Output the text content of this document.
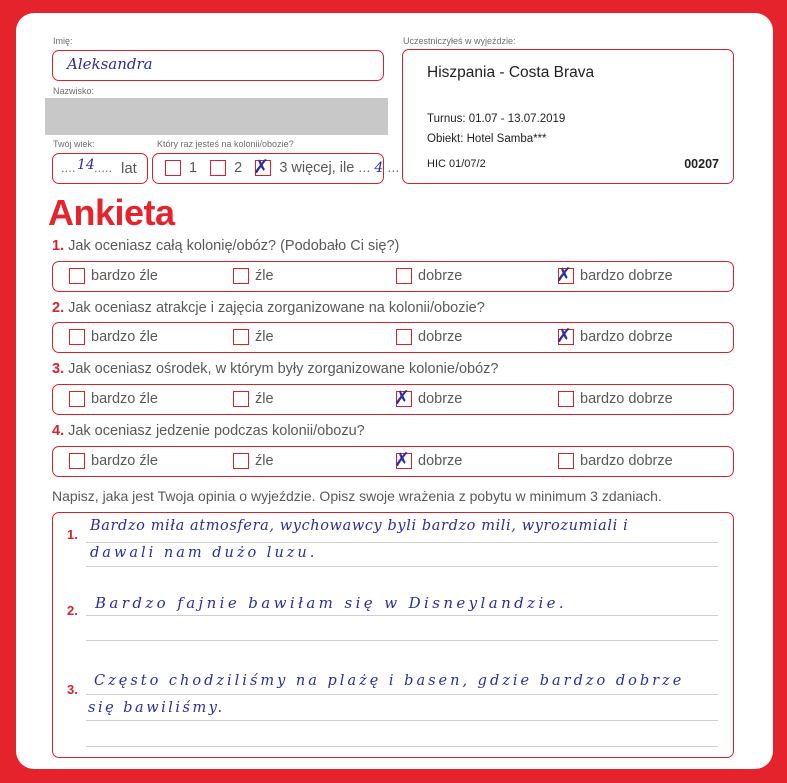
Imię:
Aleksandra
Nazwisko:
Twój wiek:
.... 14 ..... lat
Który raz jesteś na kolonii/obozie?
1	2 ✗ 3 więcej, ile ... 4 ...
Uczestniczyłeś w wyjeździe:
Hiszpania - Costa Brava
Turnus: 01.07 - 13.07.2019
Obiekt: Hotel Samba***
HIC 01/07/2	00207
Ankieta
1. Jak oceniasz całą kolonię/obóz? (Podobało Ci się?)
bardzo źle	źle	dobrze	✗ bardzo dobrze
2. Jak oceniasz atrakcje i zajęcia zorganizowane na kolonii/obozie?
bardzo źle	źle	dobrze	✗ bardzo dobrze
3. Jak oceniasz ośrodek, w którym były zorganizowane kolonie/obóz?
bardzo źle	źle	✗ dobrze	bardzo dobrze
4. Jak oceniasz jedzenie podczas kolonii/obozu?
bardzo źle	źle	✗ dobrze	bardzo dobrze
Napisz, jaka jest Twoja opinia o wyjeździe. Opisz swoje wrażenia z pobytu w minimum 3 zdaniach.
1.
Bardzo miła atmosfera, wychowawcy byli bardzo mili, wyrozumiali i
dawali nam dużo luzu.
2. Bardzo fajnie bawiłam się w Disneylandzie.
3.
Często chodziliśmy na plażę i basen, gdzie bardzo dobrze
się bawiliśmy.
